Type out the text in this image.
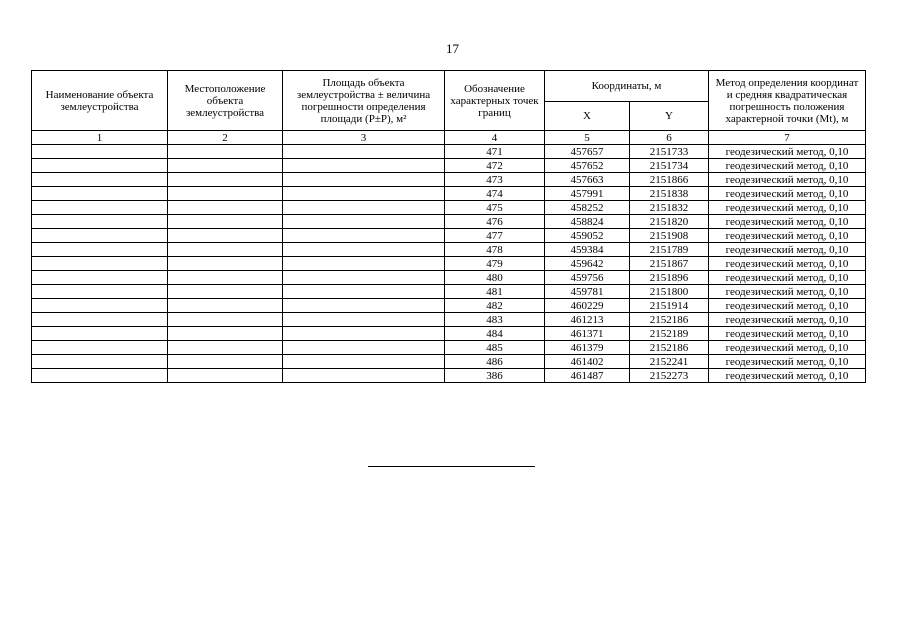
17
Наименование объекта землеустройства	Местоположение объекта землеустройства	Площадь объекта землеустройства ± величина погрешности определения площади (P±P), м²	Обозначение характерных точек границ	Координаты, м		Метод определения координат и средняя квадратическая погрешность положения характерной точки (Mt), м
				X	Y	
1	2	3	4	5	6	7
			471	457657	2151733	геодезический метод, 0,10
			472	457652	2151734	геодезический метод, 0,10
			473	457663	2151866	геодезический метод, 0,10
			474	457991	2151838	геодезический метод, 0,10
			475	458252	2151832	геодезический метод, 0,10
			476	458824	2151820	геодезический метод, 0,10
			477	459052	2151908	геодезический метод, 0,10
			478	459384	2151789	геодезический метод, 0,10
			479	459642	2151867	геодезический метод, 0,10
			480	459756	2151896	геодезический метод, 0,10
			481	459781	2151800	геодезический метод, 0,10
			482	460229	2151914	геодезический метод, 0,10
			483	461213	2152186	геодезический метод, 0,10
			484	461371	2152189	геодезический метод, 0,10
			485	461379	2152186	геодезический метод, 0,10
			486	461402	2152241	геодезический метод, 0,10
			386	461487	2152273	геодезический метод, 0,10
